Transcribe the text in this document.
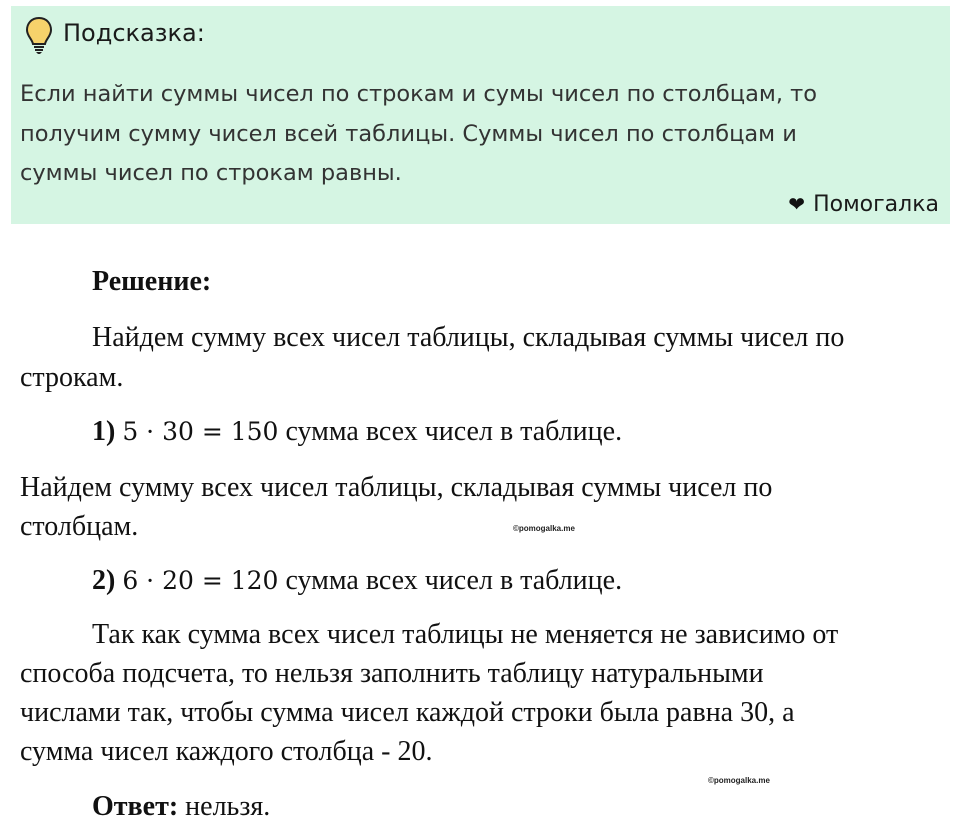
Подсказка:
Если найти суммы чисел по строкам и сумы чисел по столбцам, то
получим сумму чисел всей таблицы. Суммы чисел по столбцам и
суммы чисел по строкам равны.
❤ Помогалка
Решение:
Найдем сумму всех чисел таблицы, складывая суммы чисел по
строкам.
1) 5 · 30 = 150 сумма всех чисел в таблице.
Найдем сумму всех чисел таблицы, складывая суммы чисел по
столбцам.	©pomogalka.me
2) 6 · 20 = 120 сумма всех чисел в таблице.
Так как сумма всех чисел таблицы не меняется не зависимо от
способа подсчета, то нельзя заполнить таблицу натуральными
числами так, чтобы сумма чисел каждой строки была равна 30, а
сумма чисел каждого столбца - 20.
©pomogalka.me
Ответ: нельзя.
